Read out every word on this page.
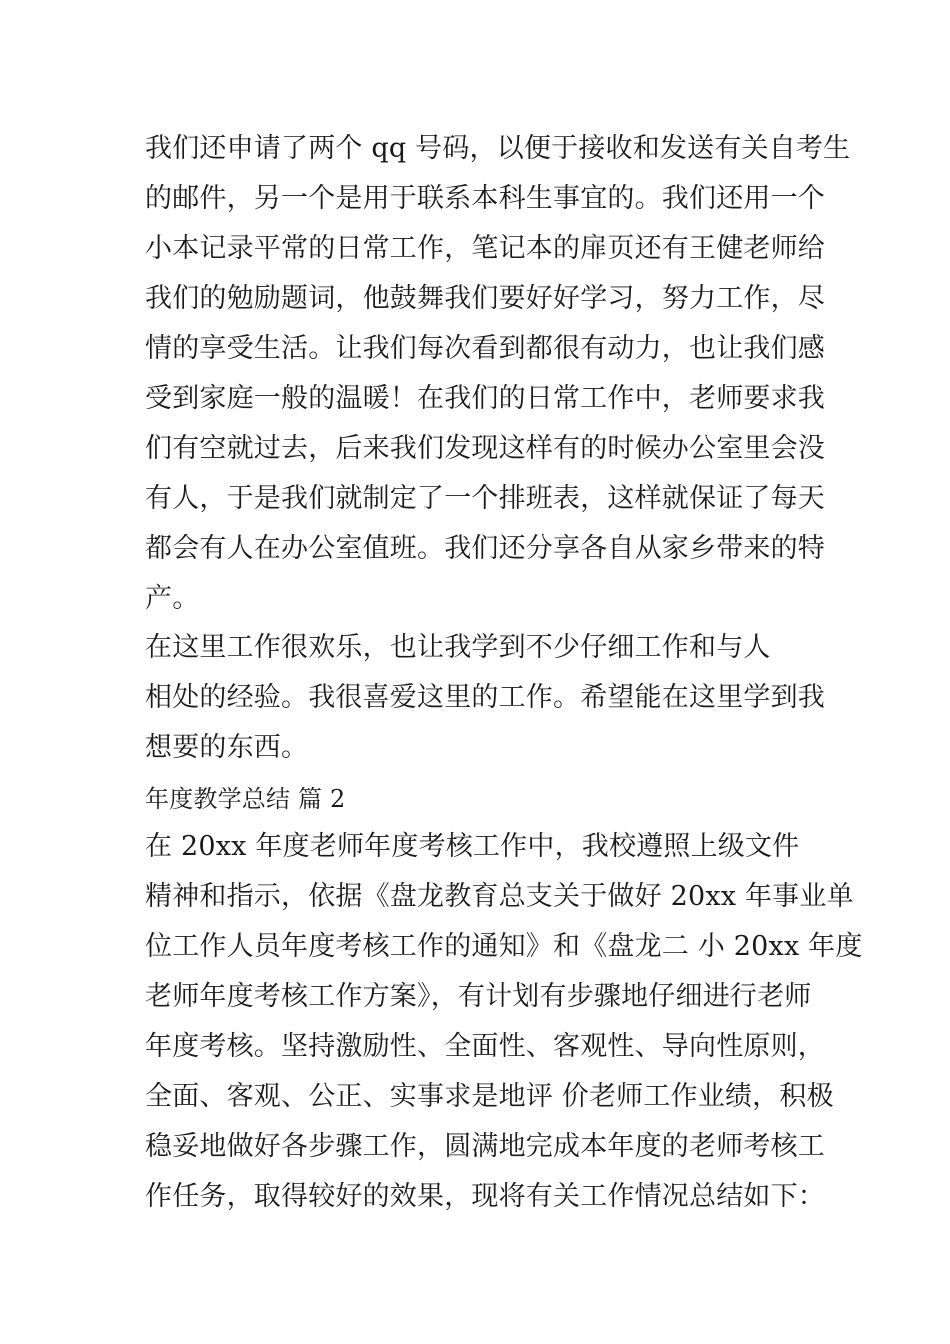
我们还申请了两个 qq 号码，以便于接收和发送有关自考生
的邮件，另一个是用于联系本科生事宜的。我们还用一个
小本记录平常的日常工作，笔记本的扉页还有王健老师给
我们的勉励题词，他鼓舞我们要好好学习，努力工作，尽
情的享受生活。让我们每次看到都很有动力，也让我们感
受到家庭一般的温暖！在我们的日常工作中，老师要求我
们有空就过去，后来我们发现这样有的时候办公室里会没
有人，于是我们就制定了一个排班表，这样就保证了每天
都会有人在办公室值班。我们还分享各自从家乡带来的特
产。
在这里工作很欢乐，也让我学到不少仔细工作和与人
相处的经验。我很喜爱这里的工作。希望能在这里学到我
想要的东西。
年度教学总结 篇 2
在 20xx 年度老师年度考核工作中，我校遵照上级文件
精神和指示，依据《盘龙教育总支关于做好 20xx 年事业单
位工作人员年度考核工作的通知》和《盘龙二 小 20xx 年度
老师年度考核工作方案》，有计划有步骤地仔细进行老师
年度考核。坚持激励性、全面性、客观性、导向性原则，
全面、客观、公正、实事求是地评 价老师工作业绩，积极
稳妥地做好各步骤工作，圆满地完成本年度的老师考核工
作任务，取得较好的效果，现将有关工作情况总结如下：
